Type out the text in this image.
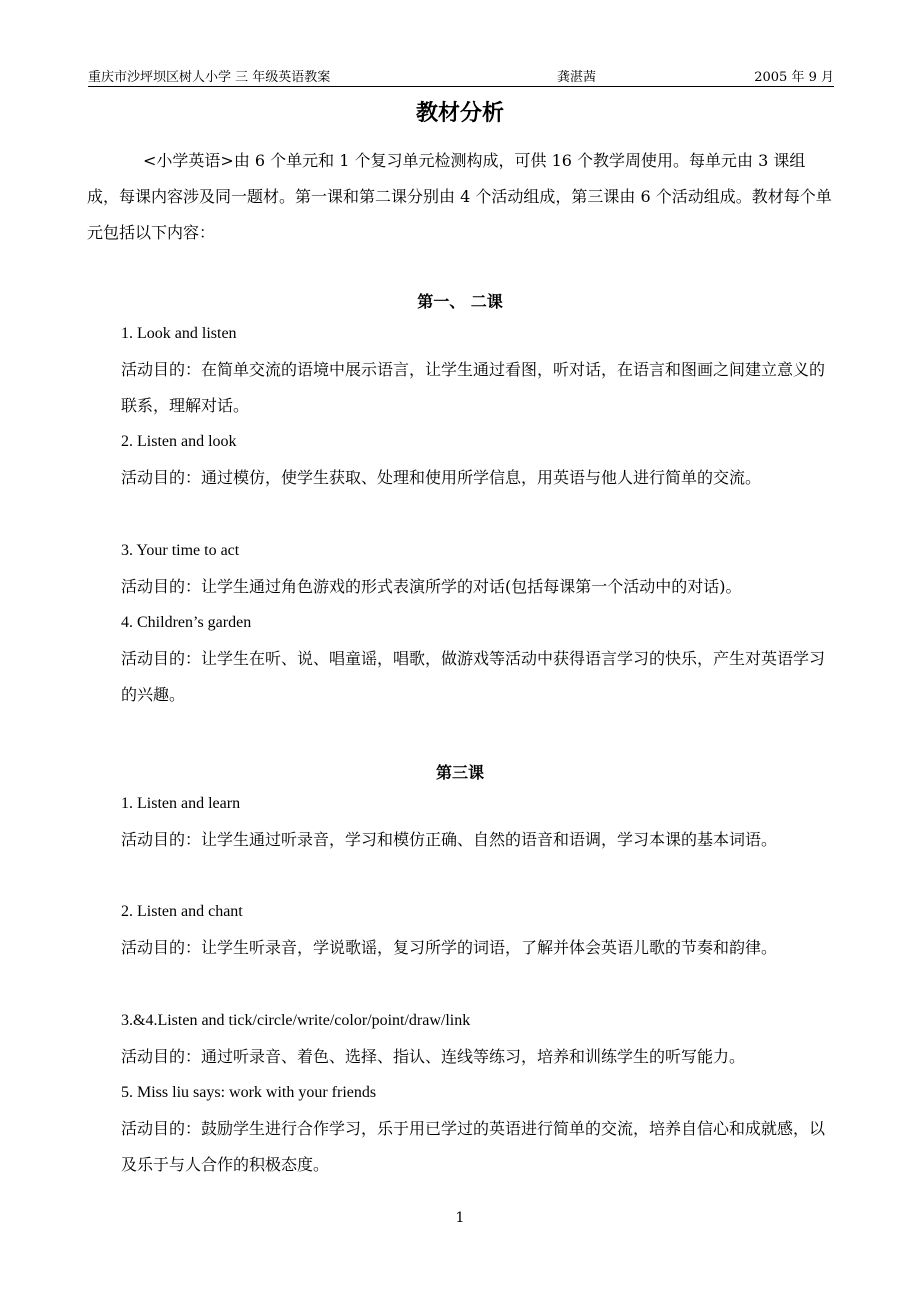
重庆市沙坪坝区树人小学 三 年级英语教案	龚湛茜	2005 年 9 月
教材分析

<小学英语>由 6 个单元和 1 个复习单元检测构成，可供 16 个教学周使用。每单元由 3 课组成，每课内容涉及同一题材。第一课和第二课分别由 4 个活动组成，第三课由 6 个活动组成。教材每个单元包括以下内容：

第一、 二课

1. Look and listen

活动目的：在简单交流的语境中展示语言，让学生通过看图，听对话，在语言和图画之间建立意义的联系，理解对话。

2. Listen and look

活动目的：通过模仿，使学生获取、处理和使用所学信息，用英语与他人进行简单的交流。

3. Your time to act

活动目的：让学生通过角色游戏的形式表演所学的对话(包括每课第一个活动中的对话)。

4. Children’s garden

活动目的：让学生在听、说、唱童谣，唱歌，做游戏等活动中获得语言学习的快乐，产生对英语学习的兴趣。

第三课

1. Listen and learn

活动目的：让学生通过听录音，学习和模仿正确、自然的语音和语调，学习本课的基本词语。

2. Listen and chant

活动目的：让学生听录音，学说歌谣，复习所学的词语，了解并体会英语儿歌的节奏和韵律。

3.&4.Listen and tick/circle/write/color/point/draw/link

活动目的：通过听录音、着色、选择、指认、连线等练习，培养和训练学生的听写能力。

5. Miss liu says: work with your friends

活动目的：鼓励学生进行合作学习，乐于用已学过的英语进行简单的交流，培养自信心和成就感，以及乐于与人合作的积极态度。

1
